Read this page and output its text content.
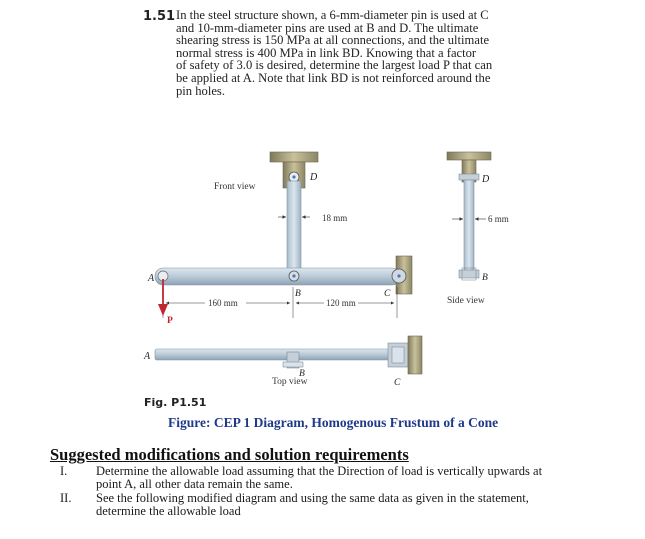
1.51 In the steel structure shown, a 6-mm-diameter pin is used at C
and 10-mm-diameter pins are used at B and D. The ultimate
shearing stress is 150 MPa at all connections, and the ultimate
normal stress is 400 MPa in link BD. Knowing that a factor
of safety of 3.0 is desired, determine the largest load P that can
be applied at A. Note that link BD is not reinforced around the
pin holes.
Front view
D
18 mm
A
B	C
P
160 mm	120 mm
D
B
6 mm
Side view
A
B
C
Top view
Fig. P1.51
Figure: CEP 1 Diagram, Homogenous Frustum of a Cone
Suggested modifications and solution requirements
I. Determine the allowable load assuming that the Direction of load is vertically upwards at
point A, all other data remain the same.
II. See the following modified diagram and using the same data as given in the statement,
determine the allowable load
